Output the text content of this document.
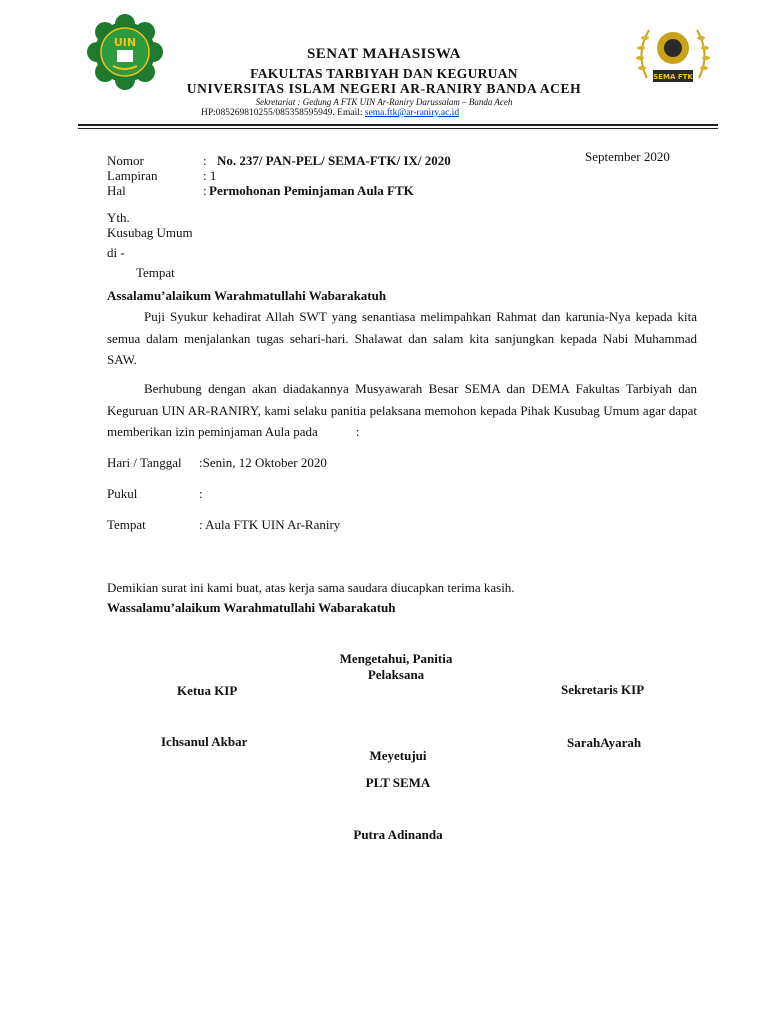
UIN
SEMA FTK
SENAT MAHASISWA
FAKULTAS TARBIYAH DAN KEGURUAN
UNIVERSITAS ISLAM NEGERI AR-RANIRY BANDA ACEH
Sekretariat : Gedung A FTK UIN Ar-Raniry Darussalam – Banda Aceh
HP:085269810255/085358595949. Email: sema.ftk@ar-raniry.ac.id
September 2020
Nomor	: No. 237/ PAN-PEL/ SEMA-FTK/ IX/ 2020
Lampiran	: 1
Hal	: Permohonan Peminjaman Aula FTK
Yth.
Kusubag Umum
di -
Tempat
Assalamu’alaikum Warahmatullahi Wabarakatuh

Puji Syukur kehadirat Allah SWT yang senantiasa melimpahkan Rahmat dan karunia-Nya kepada kita semua dalam menjalankan tugas sehari-hari. Shalawat dan salam kita sanjungkan kepada Nabi Muhammad SAW.

Berhubung dengan akan diadakannya Musyawarah Besar SEMA dan DEMA Fakultas Tarbiyah dan Keguruan UIN AR-RANIRY, kami selaku panitia pelaksana memohon kepada Pihak Kusubag Umum agar dapat memberikan izin peminjaman Aula pada	:

Hari / Tanggal :Senin, 12 Oktober 2020
Pukul	:
Tempat	: Aula FTK UIN Ar-Raniry
Demikian surat ini kami buat, atas kerja sama saudara diucapkan terima kasih.
Wassalamu’alaikum Warahmatullahi Wabarakatuh
Mengetahui, Panitia
Pelaksana
Ketua KIP	Sekretaris KIP
Ichsanul Akbar	SarahAyarah
Meyetujui
PLT SEMA
Putra Adinanda
